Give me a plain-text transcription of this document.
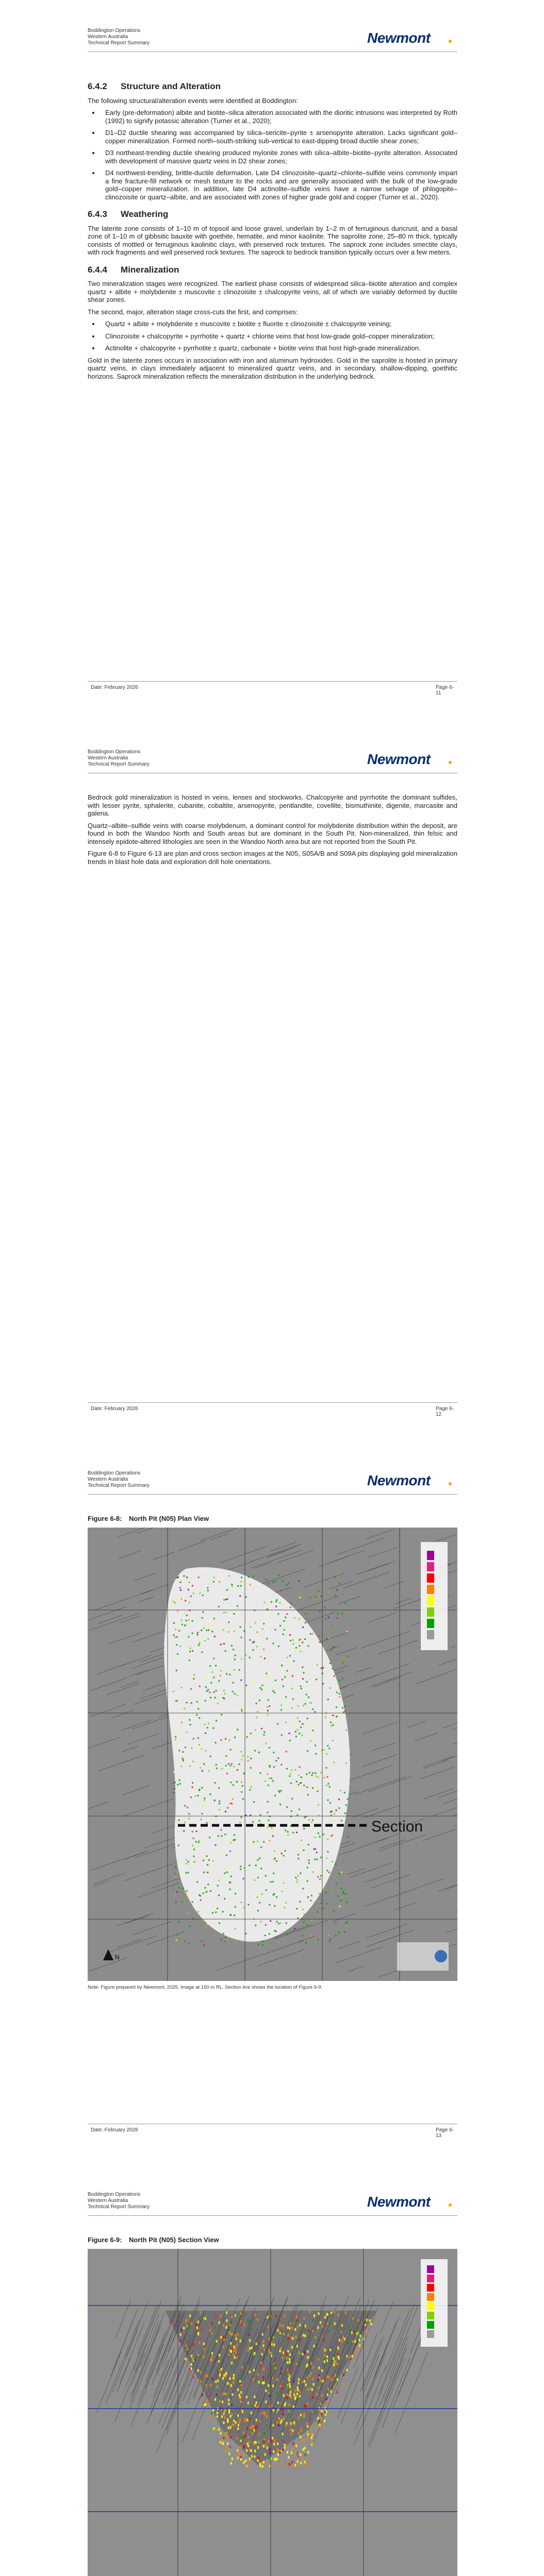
Boddington Operations
Western Australia
Technical Report Summary	Newmont
6.4.2 Structure and Alteration

The following structural/alteration events were identified at Boddington:

• Early (pre-deformation) albite and biotite–silica alteration associated with the dioritic intrusions was interpreted by Roth (1992) to signify potassic alteration (Turner et al., 2020);
• D1–D2 ductile shearing was accompanied by silica–sericite–pyrite ± arsenopyrite alteration. Lacks significant gold–copper mineralization. Formed north–south-striking sub-vertical to east-dipping broad ductile shear zones;
• D3 northeast-trending ductile shearing produced mylonite zones with silica–albite–biotite–pyrite alteration. Associated with development of massive quartz veins in D2 shear zones;
• D4 northwest-trending, brittle-ductile deformation. Late D4 clinozoisite–quartz–chlorite–sulfide veins commonly impart a fine fracture-fill network or mesh texture to the rocks and are generally associated with the bulk of the low-grade gold–copper mineralization. In addition, late D4 actinolite–sulfide veins have a narrow selvage of phlogopite–clinozoisite or quartz–albite, and are associated with zones of higher grade gold and copper (Turner et al., 2020).
6.4.3 Weathering

The laterite zone consists of 1–10 m of topsoil and loose gravel, underlain by 1–2 m of ferruginous duricrust, and a basal zone of 1–10 m of gibbsitic bauxite with goethite, hematite, and minor kaolinite. The saprolite zone, 25–80 m thick, typically consists of mottled or ferruginous kaolinitic clays, with preserved rock textures. The saprock zone includes smectite clays, with rock fragments and well preserved rock textures. The saprock to bedrock transition typically occurs over a few meters.

6.4.4 Mineralization

Two mineralization stages were recognized. The earliest phase consists of widespread silica–biotite alteration and complex quartz + albite + molybdenite ± muscovite ± clinozoisite ± chalcopyrite veins, all of which are variably deformed by ductile shear zones.

The second, major, alteration stage cross-cuts the first, and comprises:

• Quartz + albite + molybdenite ± muscovite ± biotite ± fluorite ± clinozoisite ± chalcopyrite veining;
• Clinozoisite + chalcopyrite + pyrrhotite + quartz + chlorite veins that host low-grade gold–copper mineralization;
• Actinolite + chalcopyrite + pyrrhotite ± quartz, carbonate + biotite veins that host high-grade mineralization.

Gold in the laterite zones occurs in association with iron and aluminum hydroxides. Gold in the saprolite is hosted in primary quartz veins, in clays immediately adjacent to mineralized quartz veins, and in secondary, shallow-dipping, goethitic horizons. Saprock mineralization reflects the mineralization distribution in the underlying bedrock.

Date: February 2026	Page 6-11
Boddington Operations
Western Australia
Technical Report Summary	Newmont

Bedrock gold mineralization is hosted in veins, lenses and stockworks. Chalcopyrite and pyrrhotite the dominant sulfides, with lesser pyrite, sphalerite, cubanite, cobaltite, arsenopyrite, pentlandite, covellite, bismuthinite, digenite, marcasite and galena.

Quartz–albite–sulfide veins with coarse molybdenum, a dominant control for molybdenite distribution within the deposit, are found in both the Wandoo North and South areas but are dominant in the South Pit. Non-mineralized, thin felsic and intensely epidote-altered lithologies are seen in the Wandoo North area but are not reported from the South Pit.

Figure 6-8 to Figure 6-13 are plan and cross section images at the N05, S05A/B and S09A pits displaying gold mineralization trends in blast hole data and exploration drill hole orientations.

Date: February 2026	Page 6-12
Boddington Operations
Western Australia
Technical Report Summary	Newmont
Figure 6-8: North Pit (N05) Plan View
Section
N
Note: Figure prepared by Newmont, 2025. Image at 150 m RL. Section line shows the location of Figure 6-9.
Date: February 2026	Page 6-13
Boddington Operations
Western Australia
Technical Report Summary	Newmont
Figure 6-9: North Pit (N05) Section View
